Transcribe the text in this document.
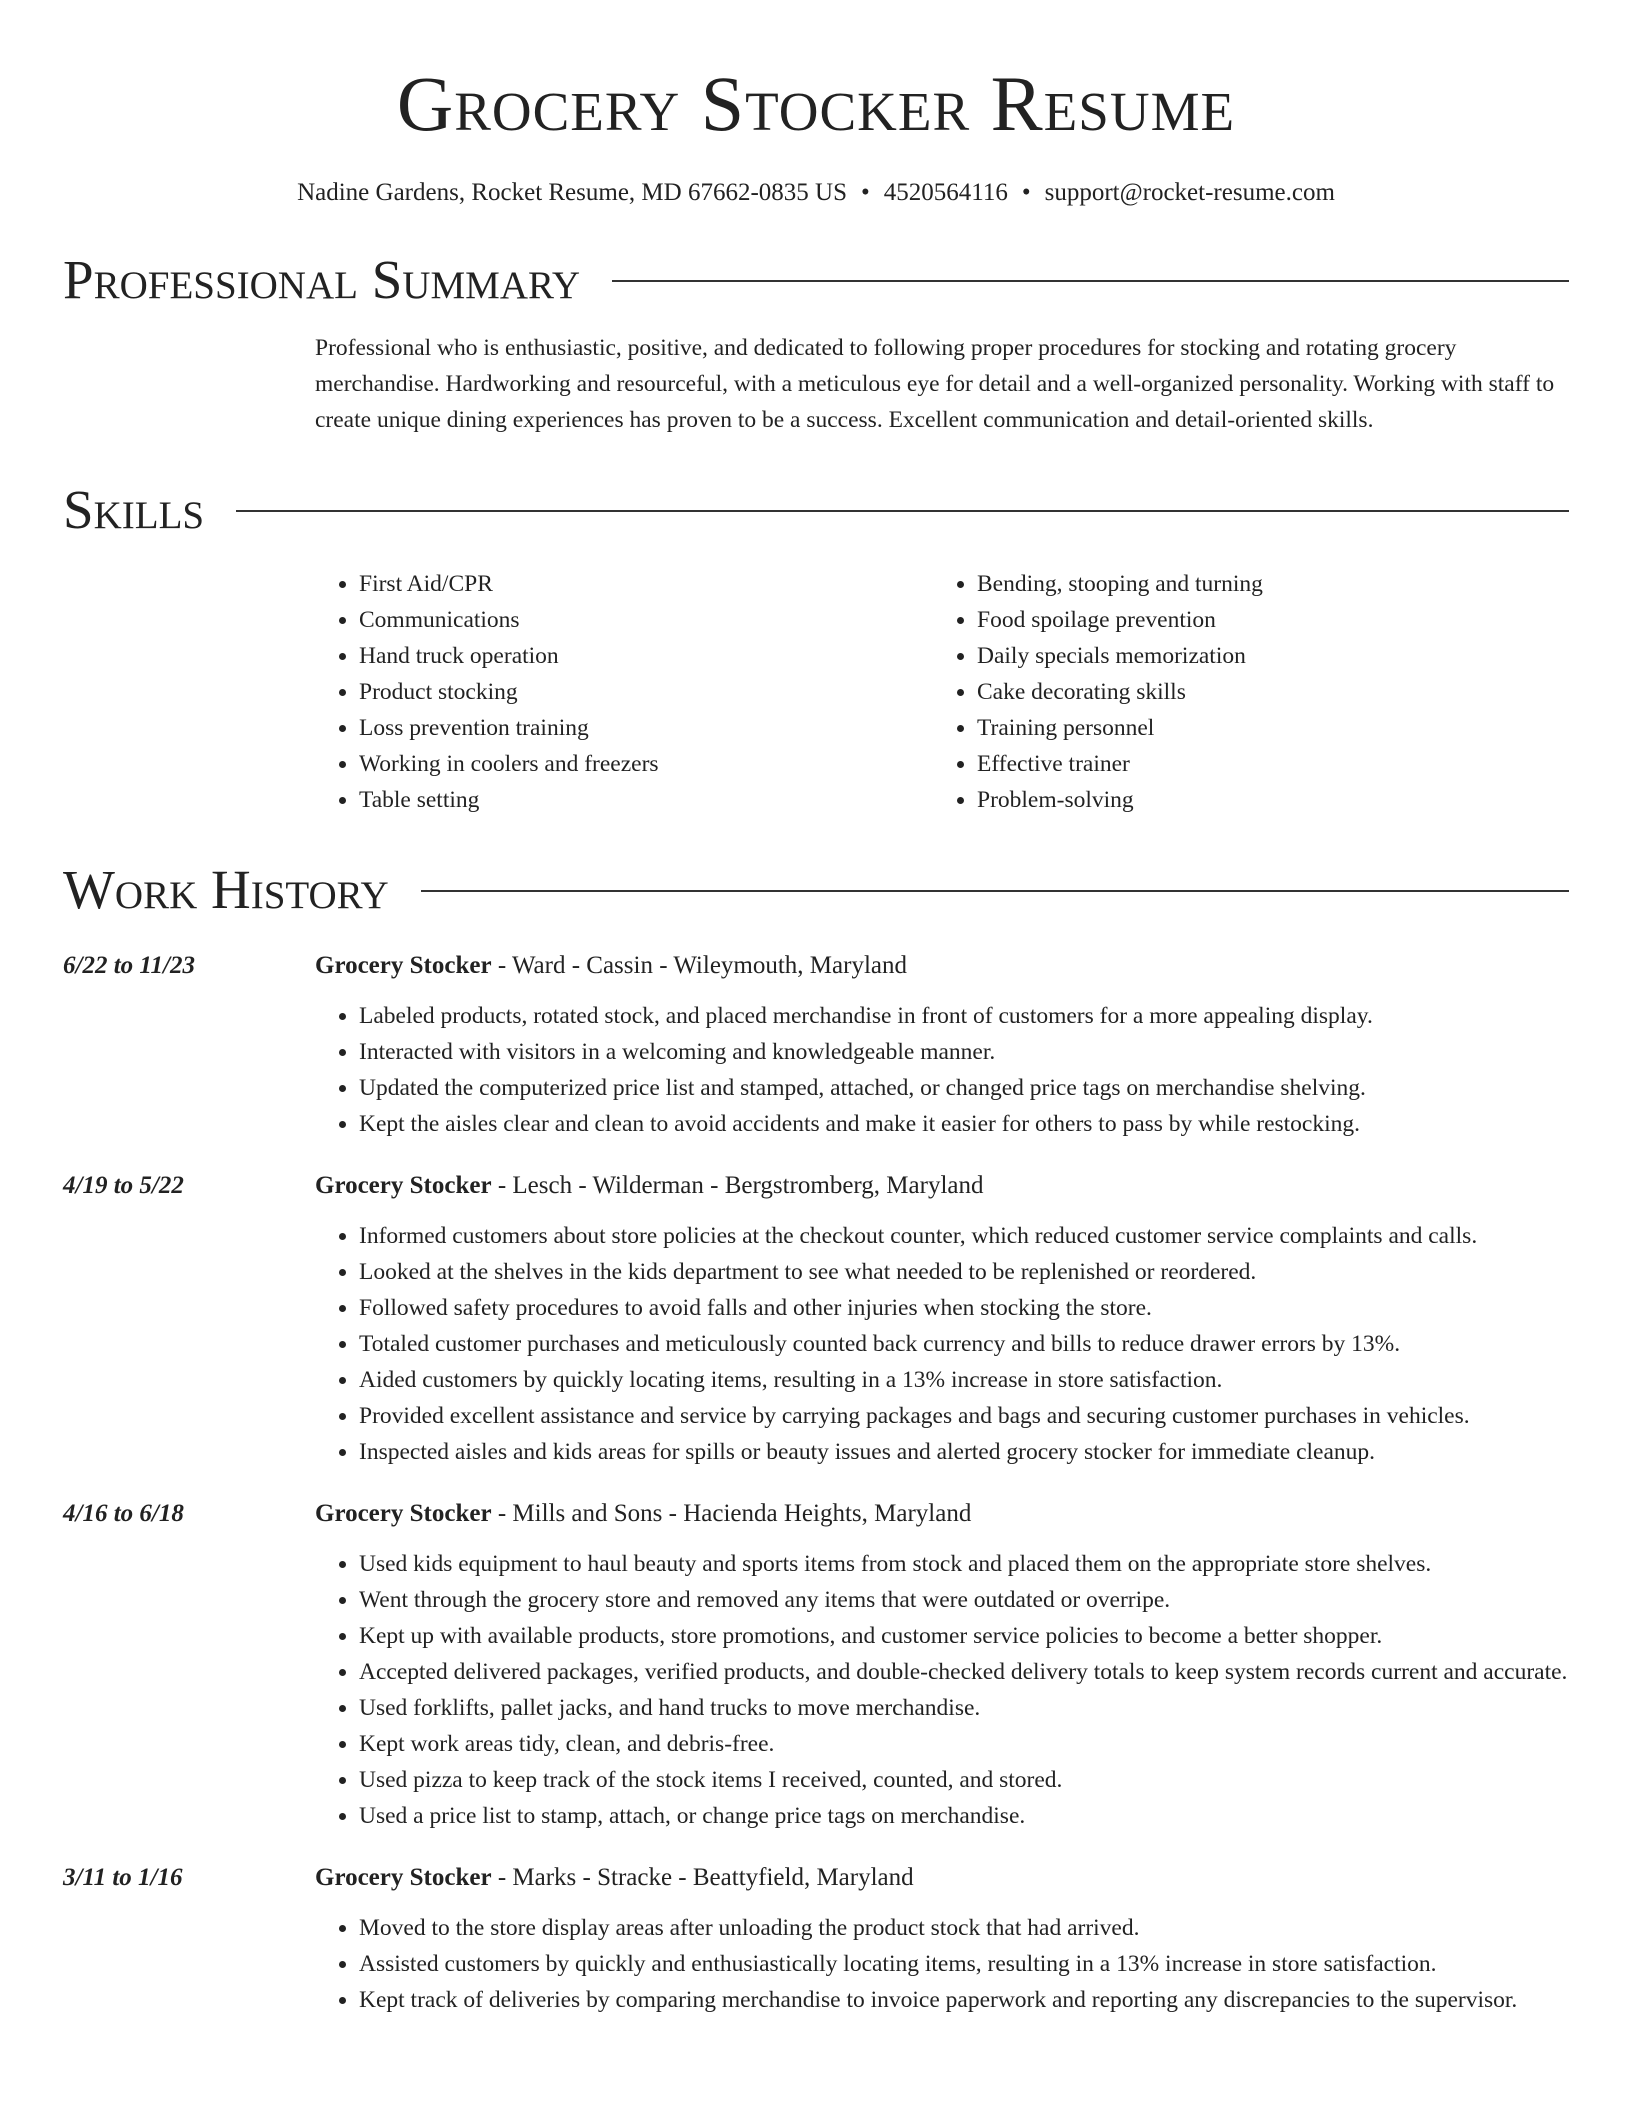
Grocery Stocker Resume
Nadine Gardens, Rocket Resume, MD 67662-0835 US • 4520564116 • support@rocket-resume.com
Professional Summary
Professional who is enthusiastic, positive, and dedicated to following proper procedures for stocking and rotating grocery merchandise. Hardworking and resourceful, with a meticulous eye for detail and a well-organized personality. Working with staff to create unique dining experiences has proven to be a success. Excellent communication and detail-oriented skills.
Skills
• First Aid/CPR
• Communications
• Hand truck operation
• Product stocking
• Loss prevention training
• Working in coolers and freezers
• Table setting
• Bending, stooping and turning
• Food spoilage prevention
• Daily specials memorization
• Cake decorating skills
• Training personnel
• Effective trainer
• Problem-solving
Work History
6/22 to 11/23	Grocery Stocker - Ward - Cassin - Wileymouth, Maryland
• Labeled products, rotated stock, and placed merchandise in front of customers for a more appealing display.
• Interacted with visitors in a welcoming and knowledgeable manner.
• Updated the computerized price list and stamped, attached, or changed price tags on merchandise shelving.
• Kept the aisles clear and clean to avoid accidents and make it easier for others to pass by while restocking.
4/19 to 5/22	Grocery Stocker - Lesch - Wilderman - Bergstromberg, Maryland
• Informed customers about store policies at the checkout counter, which reduced customer service complaints and calls.
• Looked at the shelves in the kids department to see what needed to be replenished or reordered.
• Followed safety procedures to avoid falls and other injuries when stocking the store.
• Totaled customer purchases and meticulously counted back currency and bills to reduce drawer errors by 13%.
• Aided customers by quickly locating items, resulting in a 13% increase in store satisfaction.
• Provided excellent assistance and service by carrying packages and bags and securing customer purchases in vehicles.
• Inspected aisles and kids areas for spills or beauty issues and alerted grocery stocker for immediate cleanup.
4/16 to 6/18	Grocery Stocker - Mills and Sons - Hacienda Heights, Maryland
• Used kids equipment to haul beauty and sports items from stock and placed them on the appropriate store shelves.
• Went through the grocery store and removed any items that were outdated or overripe.
• Kept up with available products, store promotions, and customer service policies to become a better shopper.
• Accepted delivered packages, verified products, and double-checked delivery totals to keep system records current and accurate.
• Used forklifts, pallet jacks, and hand trucks to move merchandise.
• Kept work areas tidy, clean, and debris-free.
• Used pizza to keep track of the stock items I received, counted, and stored.
• Used a price list to stamp, attach, or change price tags on merchandise.
3/11 to 1/16	Grocery Stocker - Marks - Stracke - Beattyfield, Maryland
• Moved to the store display areas after unloading the product stock that had arrived.
• Assisted customers by quickly and enthusiastically locating items, resulting in a 13% increase in store satisfaction.
• Kept track of deliveries by comparing merchandise to invoice paperwork and reporting any discrepancies to the supervisor.
